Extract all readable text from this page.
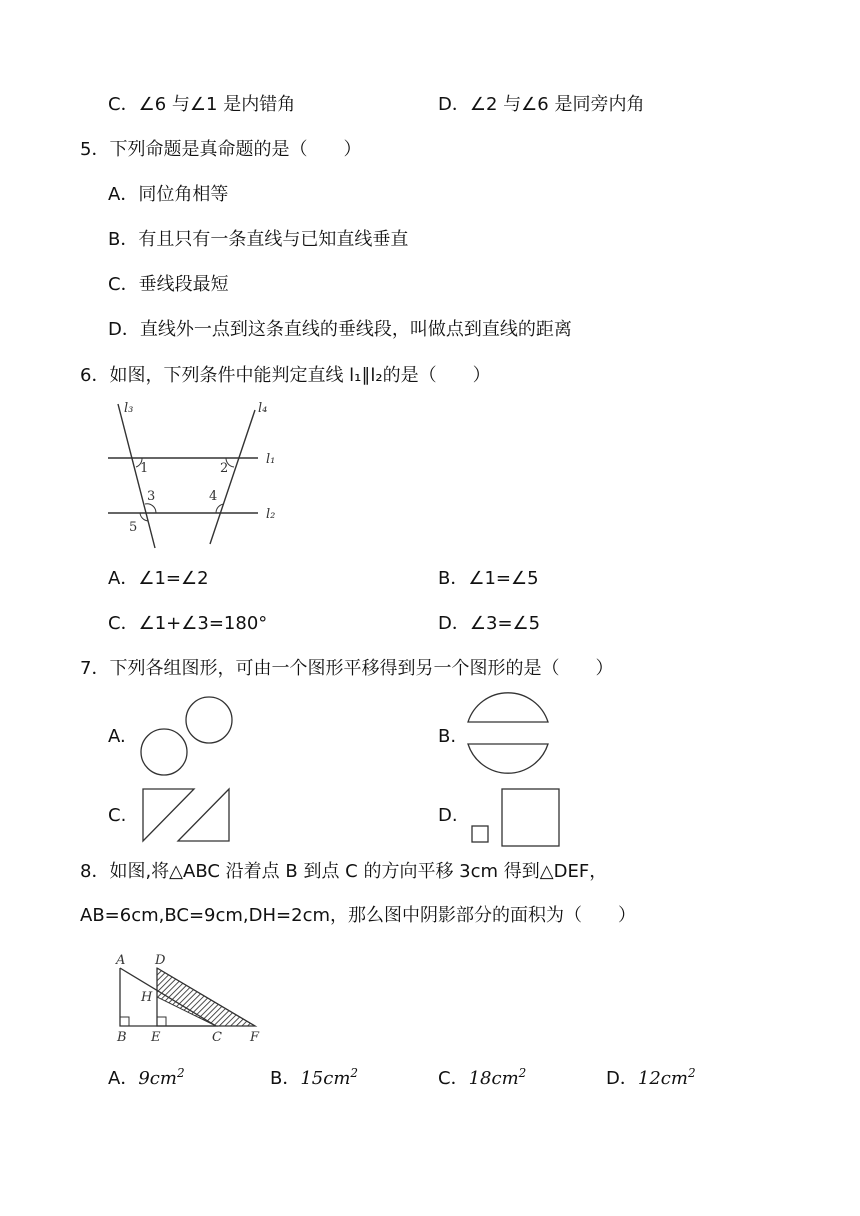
C．∠6 与∠1 是内错角	D．∠2 与∠6 是同旁内角
5．下列命题是真命题的是（　　）
A．同位角相等
B．有且只有一条直线与已知直线垂直
C．垂线段最短
D．直线外一点到这条直线的垂线段，叫做点到直线的距离
6．如图，下列条件中能判定直线 l₁∥l₂的是（　　）
l₃	l₄
l₁
l₂
1	2
3	4
5
A．∠1=∠2	B．∠1=∠5
C．∠1+∠3=180°	D．∠3=∠5
7．下列各组图形，可由一个图形平移得到另一个图形的是（　　）
A.	B.
C.	D.
8．如图,将△ABC 沿着点 B 到点 C 的方向平移 3cm 得到△DEF，
AB=6cm,BC=9cm,DH=2cm，那么图中阴影部分的面积为（　　）
A D
H
B E	C F
A．$9cm^2$	B．$15cm^2$	C．$18cm^2$	D．$12cm^2$
